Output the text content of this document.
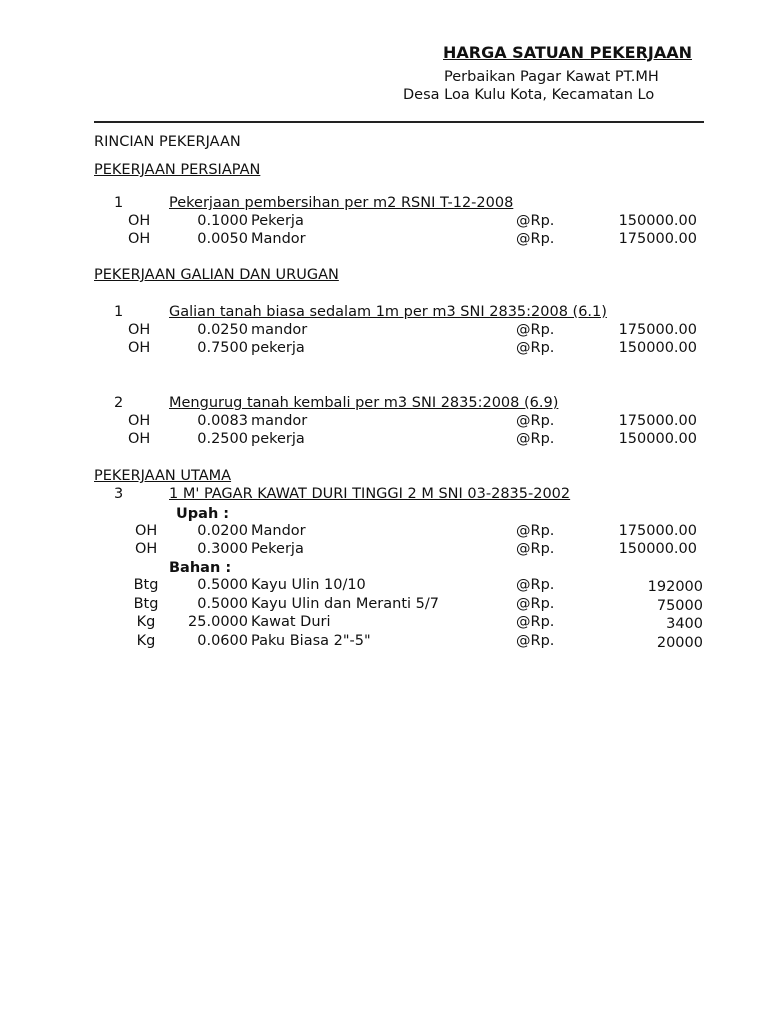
HARGA SATUAN PEKERJAAN
Perbaikan Pagar Kawat PT.MH
Desa Loa Kulu Kota, Kecamatan Lo
RINCIAN PEKERJAAN
PEKERJAAN PERSIAPAN
1	Pekerjaan pembersihan per m2 RSNI T-12-2008
OH	0.1000 Pekerja	@Rp.	150000.00
OH	0.0050 Mandor	@Rp.	175000.00
PEKERJAAN GALIAN DAN URUGAN
1	Galian tanah biasa sedalam 1m per m3 SNI 2835:2008 (6.1)
OH	0.0250 mandor	@Rp.	175000.00
OH	0.7500 pekerja	@Rp.	150000.00
2	Mengurug tanah kembali per m3 SNI 2835:2008 (6.9)
OH	0.0083 mandor	@Rp.	175000.00
OH	0.2500 pekerja	@Rp.	150000.00
PEKERJAAN UTAMA
3	1 M' PAGAR KAWAT DURI TINGGI 2 M SNI 03-2835-2002
Upah :
OH	0.0200 Mandor	@Rp.	175000.00
OH	0.3000 Pekerja	@Rp.	150000.00
Bahan :
Btg	0.5000 Kayu Ulin 10/10	@Rp.	192000
Btg	0.5000 Kayu Ulin dan Meranti 5/7	@Rp.	75000
Kg	25.0000 Kawat Duri	@Rp.	3400
Kg	0.0600 Paku Biasa 2"-5"	@Rp.	20000
